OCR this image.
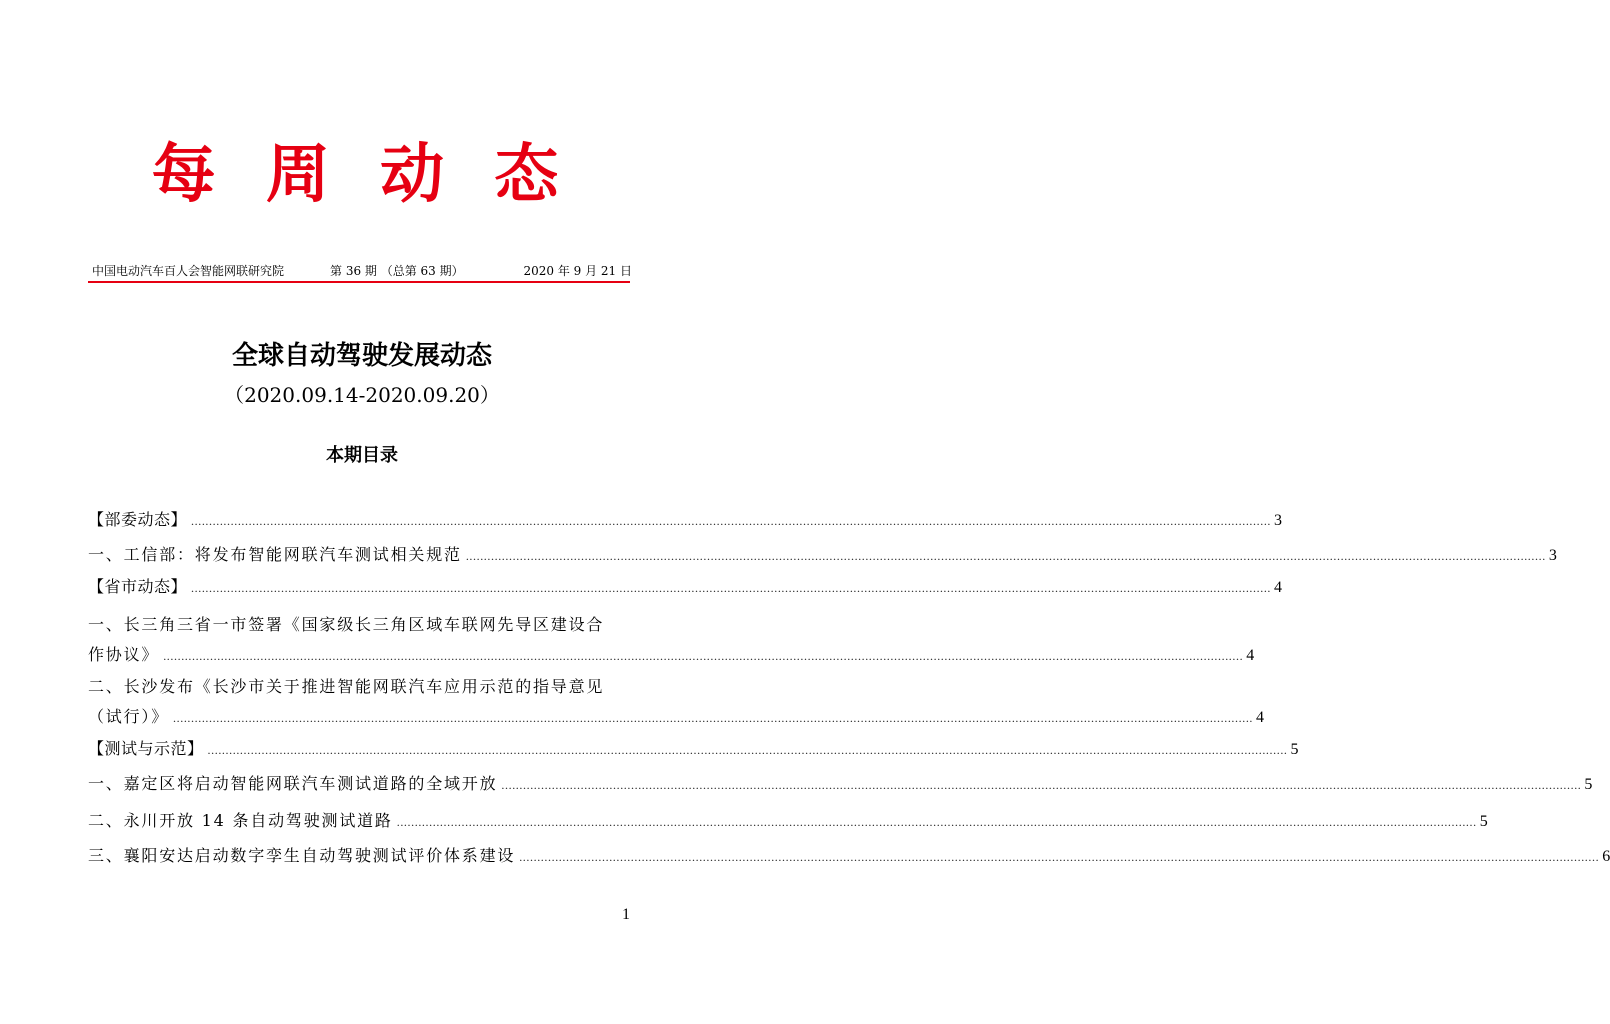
每 周 动 态
中国电动汽车百人会智能网联研究院	第 36 期 （总第 63 期）	2020 年 9 月 21 日
全球自动驾驶发展动态
（2020.09.14-2020.09.20）
本期目录
【部委动态】 ............................................................................................................................................................................................................................................................................................................ 3
一、工信部：将发布智能网联汽车测试相关规范 ............................................................................................................................................................................................................................................................................................................ 3
【省市动态】 ............................................................................................................................................................................................................................................................................................................ 4
一、长三角三省一市签署《国家级长三角区域车联网先导区建设合
作协议》 ............................................................................................................................................................................................................................................................................................................ 4
二、长沙发布《长沙市关于推进智能网联汽车应用示范的指导意见
（试行）》 ............................................................................................................................................................................................................................................................................................................ 4
【测试与示范】 ............................................................................................................................................................................................................................................................................................................ 5
一、嘉定区将启动智能网联汽车测试道路的全域开放 ............................................................................................................................................................................................................................................................................................................ 5
二、永川开放 14 条自动驾驶测试道路 ............................................................................................................................................................................................................................................................................................................ 5
三、襄阳安达启动数字孪生自动驾驶测试评价体系建设 ............................................................................................................................................................................................................................................................................................................ 6
1
